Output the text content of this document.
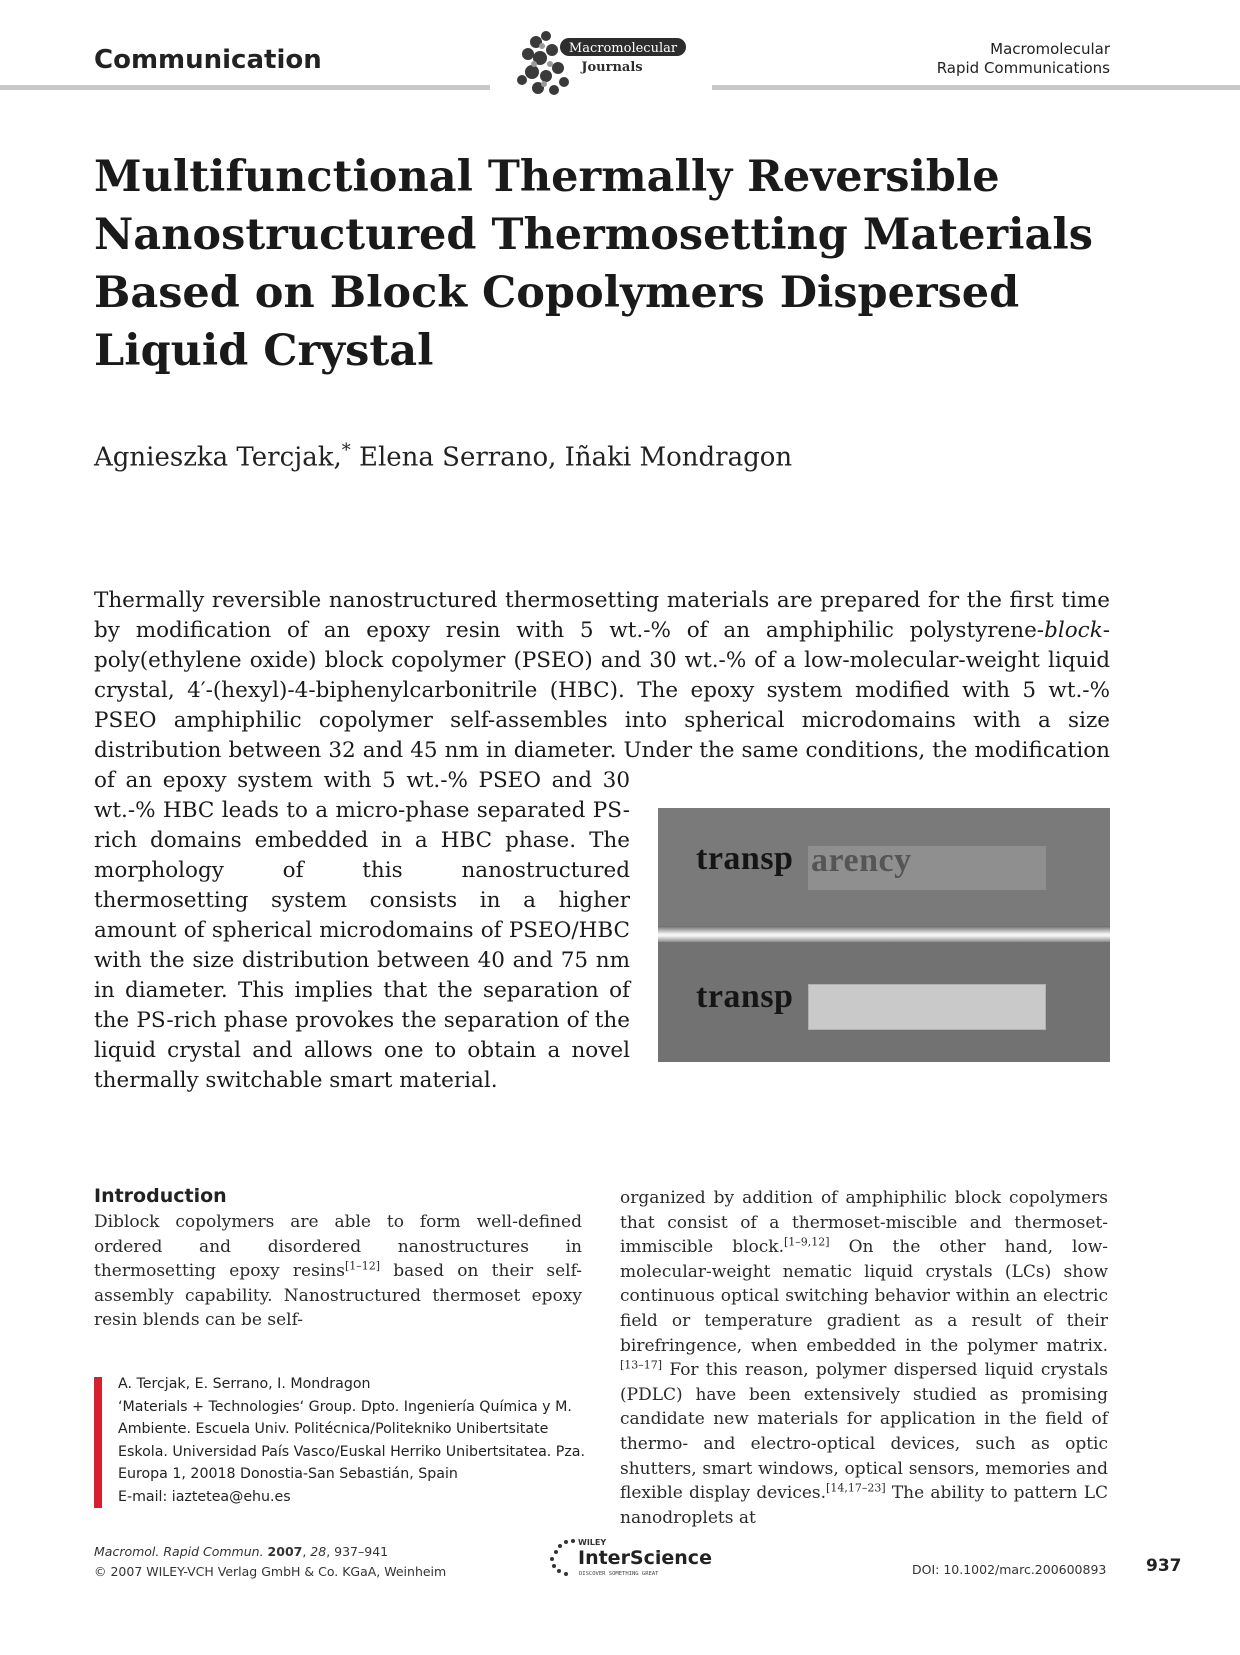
Communication	Macromolecular
Journals
Macromolecular
Rapid Communications
Multifunctional Thermally Reversible Nanostructured Thermosetting Materials Based on Block Copolymers Dispersed Liquid Crystal
Agnieszka Tercjak,* Elena Serrano, Iñaki Mondragon

Thermally reversible nanostructured thermosetting materials are prepared for the first time by modification of an epoxy resin with 5 wt.-% of an amphiphilic polystyrene-block-poly(ethylene oxide) block copolymer (PSEO) and 30 wt.-% of a low-molecular-weight liquid crystal, 4′-(hexyl)-4-biphenylcarbonitrile (HBC). The epoxy system modified with 5 wt.-% PSEO amphiphilic copolymer self-assembles into spherical microdomains with a size distribution between 32 and 45 nm in diameter. Under the same conditions, the modification of an epoxy
transp arency
transp
system with 5 wt.-% PSEO and 30 wt.-% HBC leads to a micro-phase separated PS-rich domains embedded in a HBC phase. The morphology of this nanostructured thermosetting system consists in a higher amount of spherical microdomains of PSEO/HBC with the size distribution between 40 and 75 nm in diameter. This implies that the separation of the PS-rich phase provokes the separation of the liquid crystal and allows one to obtain a novel thermally switchable smart material.

Introduction

Diblock copolymers are able to form well-defined ordered and disordered nanostructures in thermosetting epoxy resins[1–12] based on their self-assembly capability. Nanostructured thermoset epoxy resin blends can be self-

organized by addition of amphiphilic block copolymers that consist of a thermoset-miscible and thermoset-immiscible block.[1–9,12] On the other hand, low-molecular-weight nematic liquid crystals (LCs) show continuous optical switching behavior within an electric field or temperature gradient as a result of their birefringence, when embedded in the polymer matrix.[13–17] For this reason, polymer dispersed liquid crystals (PDLC) have been extensively studied as promising candidate new materials for application in the field of thermo- and electro-optical devices, such as optic shutters, smart windows, optical sensors, memories and flexible display devices.[14,17–23] The ability to pattern LC nanodroplets at

A. Tercjak, E. Serrano, I. Mondragon
‘Materials + Technologies‘ Group. Dpto. Ingeniería Química y M.
Ambiente. Escuela Univ. Politécnica/Politekniko Unibertsitate
Eskola. Universidad País Vasco/Euskal Herriko Unibertsitatea. Pza.
Europa 1, 20018 Donostia-San Sebastián, Spain
E-mail: iaztetea@ehu.es
Macromol. Rapid Commun. 2007, 28, 937–941
© 2007 WILEY-VCH Verlag GmbH & Co. KGaA, Weinheim
WILEY
InterScience
DISCOVER SOMETHING GREAT	DOI: 10.1002/marc.200600893 937
